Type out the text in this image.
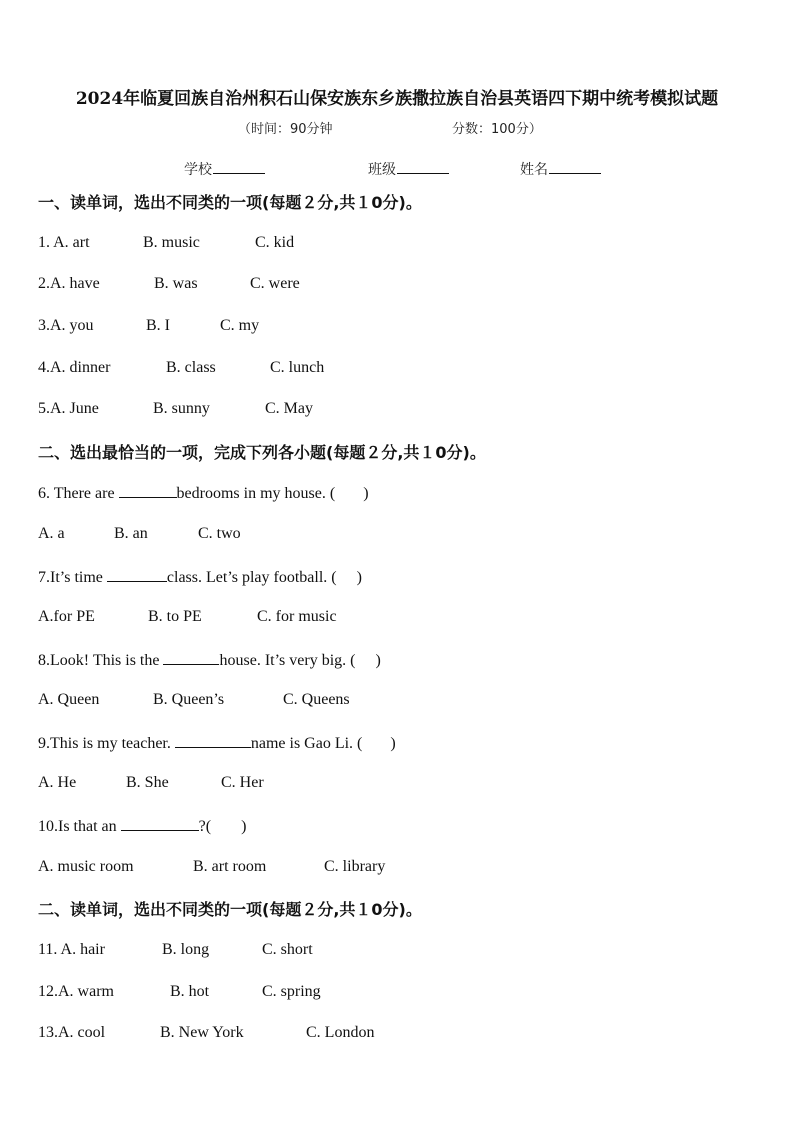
2024年临夏回族自治州积石山保安族东乡族撒拉族自治县英语四下期中统考模拟试题
（时间：90分钟	分数：100分）
学校	班级	姓名
一、读单词，选出不同类的一项(每题２分,共１0分)。
1. A. art	B. music	C. kid
2.A. have	B. was	C. were
3.A. you	B. I	C. my
4.A. dinner	B. class	C. lunch
5.A. June	B. sunny	C. May
二、选出最恰当的一项，完成下列各小题(每题２分,共１0分)。
6. There are	bedrooms in my house. ( )
A. a	B. an	C. two
7.It’s time	class. Let’s play football. ( )
A.for PE	B. to PE	C. for music
8.Look! This is the	house. It’s very big. ( )
A. Queen	B. Queen’s	C. Queens
9.This is my teacher.	name is Gao Li. ( )
A. He	B. She	C. Her
10.Is that an	?( )
A. music room	B. art room	C. library
二、读单词，选出不同类的一项(每题２分,共１0分)。
11. A. hair	B. long	C. short
12.A. warm	B. hot	C. spring
13.A. cool	B. New York	C. London
